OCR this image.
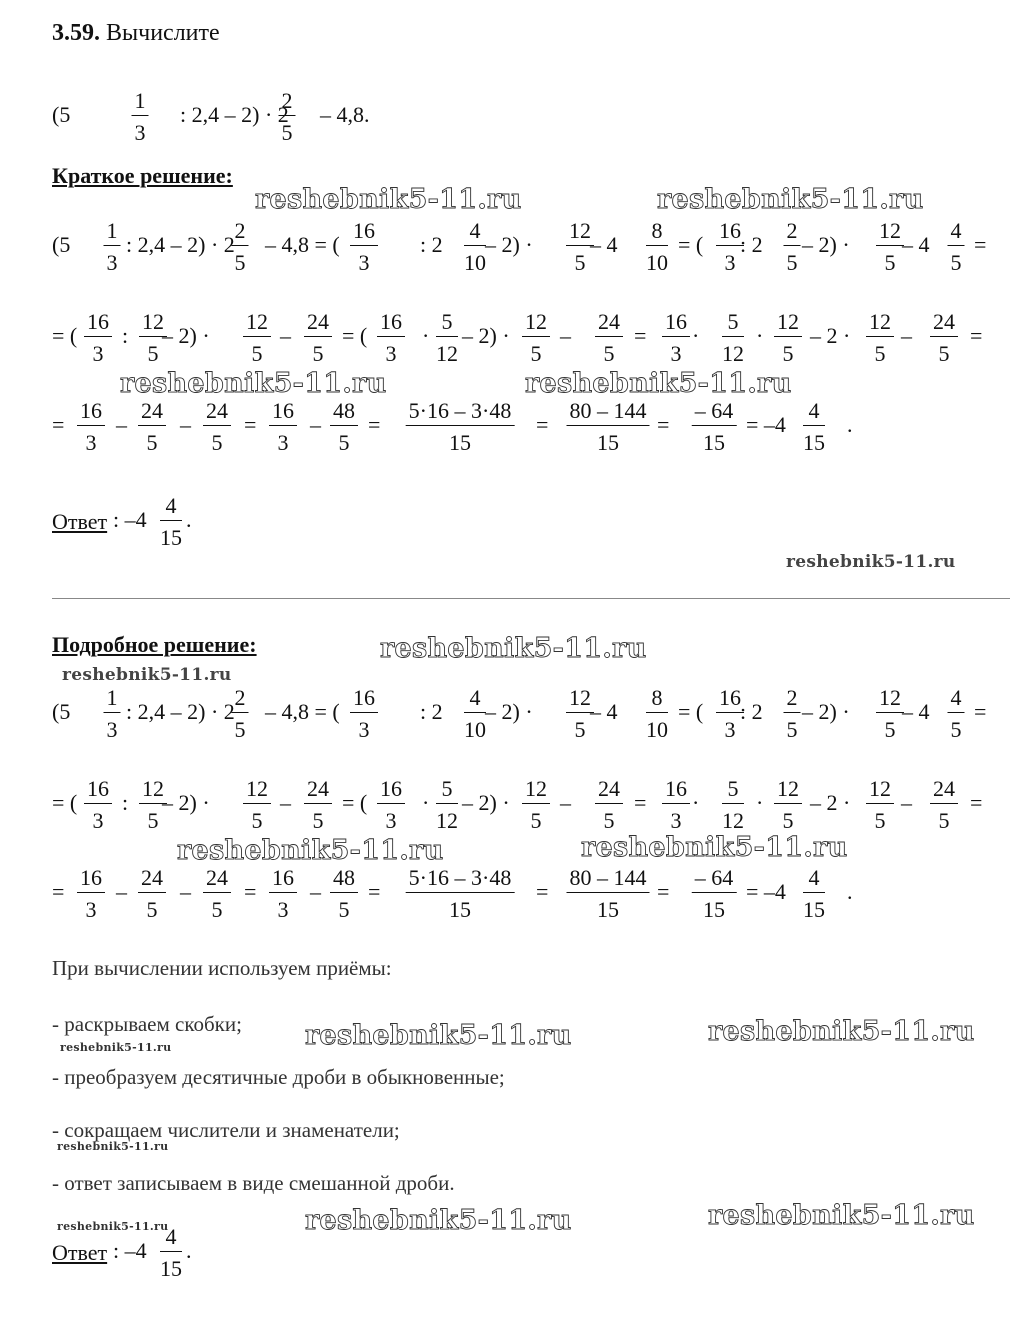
3.59. Вычислите
(5	$\frac{1}{3}$ : 2,4 – 2) · 2
$\frac{2}{5} - 4,8$.
Краткое решение:
($5 \frac{1}{3}$ : 2,4 – 2) · 2
$\frac{2}{5} - 4,8$ = ( $\frac{16}{3}$ : $2 \frac{4}{10} - 2) \cdot \frac{12}{5}$
– $4 \frac{8}{10}$ = ( $\frac{16}{3}$
: $2 \frac{2}{5} - 2) \cdot \frac{12}{5}$
– $4 \frac{4}{5}$ =
= ( $\frac{16}{3}$ : $\frac{12}{5}$
– $2) \cdot \frac{12}{5} - \frac{24}{5}$ = ( $\frac{16}{3} \cdot \frac{5}{12} - 2) \cdot \frac{12}{5} - \frac{24}{5} = \frac{16}{3} \cdot \frac{5}{12} \cdot \frac{12}{5} - 2 \cdot \frac{12}{5} - \frac{24}{5}$ =
= $\frac{16}{3} - \frac{24}{5} - \frac{24}{5} = \frac{16}{3} - \frac{48}{5} = \frac{5\cdot 16 - 3\cdot 48}{15} = \frac{80 - 144}{15} = \frac{- 64}{15} = -4 \frac{4}{15}$ .
Ответ : $-4 \frac{4}{15}$ .
Подробное решение:
($5 \frac{1}{3}$ : 2,4 – 2) · 2
$\frac{2}{5} - 4,8$ = ( $\frac{16}{3}$ : $2 \frac{4}{10} - 2) \cdot \frac{12}{5}$
– $4 \frac{8}{10}$ = ( $\frac{16}{3}$
: $2 \frac{2}{5} - 2) \cdot \frac{12}{5}$
– $4 \frac{4}{5}$ =
= ( $\frac{16}{3}$ : $\frac{12}{5}$
– $2) \cdot \frac{12}{5} - \frac{24}{5}$ = ( $\frac{16}{3} \cdot \frac{5}{12} - 2) \cdot \frac{12}{5} - \frac{24}{5} = \frac{16}{3} \cdot \frac{5}{12} \cdot \frac{12}{5} - 2 \cdot \frac{12}{5} - \frac{24}{5}$ =
= $\frac{16}{3} - \frac{24}{5} - \frac{24}{5} = \frac{16}{3} - \frac{48}{5} = \frac{5\cdot 16 - 3\cdot 48}{15} = \frac{80 - 144}{15} = \frac{- 64}{15} = -4 \frac{4}{15}$ .
При вычислении используем приёмы:
- раскрываем скобки;
- преобразуем десятичные дроби в обыкновенные;
- сокращаем числители и знаменатели;
- ответ записываем в виде смешанной дроби.
Ответ : $-4 \frac{4}{15}$ .
reshebnik5-11.ru	reshebnik5-11.ru
reshebnik5-11.ru	reshebnik5-11.ru
reshebnik5-11.ru
reshebnik5-11.ru
reshebnik5-11.ru
reshebnik5-11.ru	reshebnik5-11.ru
reshebnik5-11.ru	reshebnik5-11.ru
reshebnik5-11.ru
reshebnik5-11.ru
reshebnik5-11.ru	reshebnik5-11.ru	reshebnik5-11.ru
